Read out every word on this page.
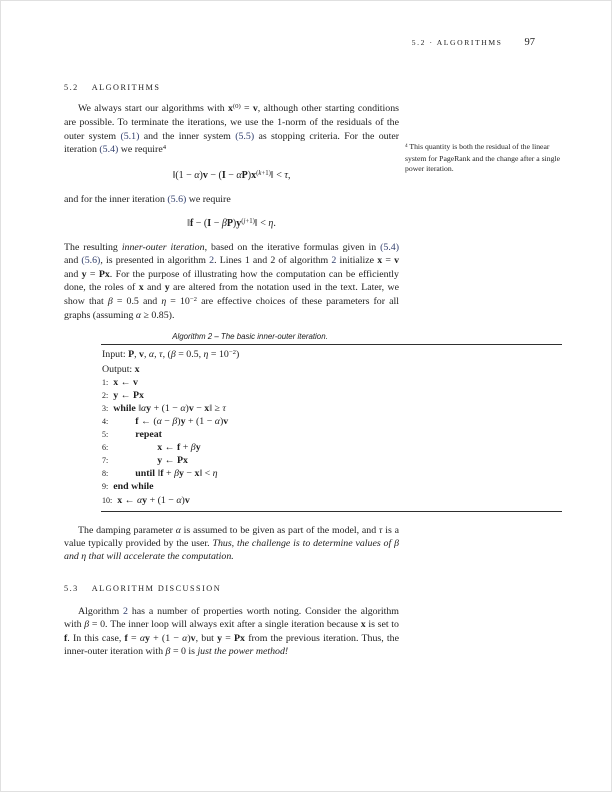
5.2 · ALGORITHMS 97
5.2 ALGORITHMS

We always start our algorithms with $x^{(0)} = v$, although other starting conditions are possible. To terminate the iterations, we use the 1-norm of the residuals of the outer system (5.1) and the inner system (5.5) as stopping criteria. For the outer iteration (5.4) we require$^4$

‖(1 − $\alpha)v - (I - \alpha P)x^{(k+1)}‖ < \tau$,

and for the inner iteration (5.6) we require

‖f − $(I - \beta P)y^{(j+1)}‖ < \eta$.

The resulting inner-outer iteration, based on the iterative formulas given in (5.4) and (5.6), is presented in algorithm 2. Lines 1 and 2 of algorithm 2 initialize x = v and y = Px. For the purpose of illustrating how the computation can be efficiently done, the roles of x and y are altered from the notation used in the text. Later, we show that β = 0.5 and $\eta = 10^{-2}$ are effective choices of these parameters for all graphs (assuming α ≥ 0.85).

Algorithm 2 – The basic inner-outer iteration.
Input: P, v, α, τ, (β = 0.5, $\eta = 10^{-2}$)
Output: x
1: x ← v
2: y ← Px
3: while ‖αy + (1 − α)v − x‖ ≥ τ
4:	f ← (α − β)y + (1 − α)v
5:	repeat
6:	x ← f + βy
7:	y ← Px
8:	until ‖f + βy − x‖ < η
9: end while
10: x ← αy + (1 − α)v

The damping parameter α is assumed to be given as part of the model, and τ is a value typically provided by the user. Thus, the challenge is to determine values of β and η that will accelerate the computation.

5.3 ALGORITHM DISCUSSION

Algorithm 2 has a number of properties worth noting. Consider the algorithm with β = 0. The inner loop will always exit after a single iteration because x is set to f. In this case, f = αy + (1 − α)v, but y = Px from the previous iteration. Thus, the inner-outer iteration with β = 0 is just the power method!

$^4$ This quantity is both the residual of the linear system for PageRank and the change after a single power iteration.
